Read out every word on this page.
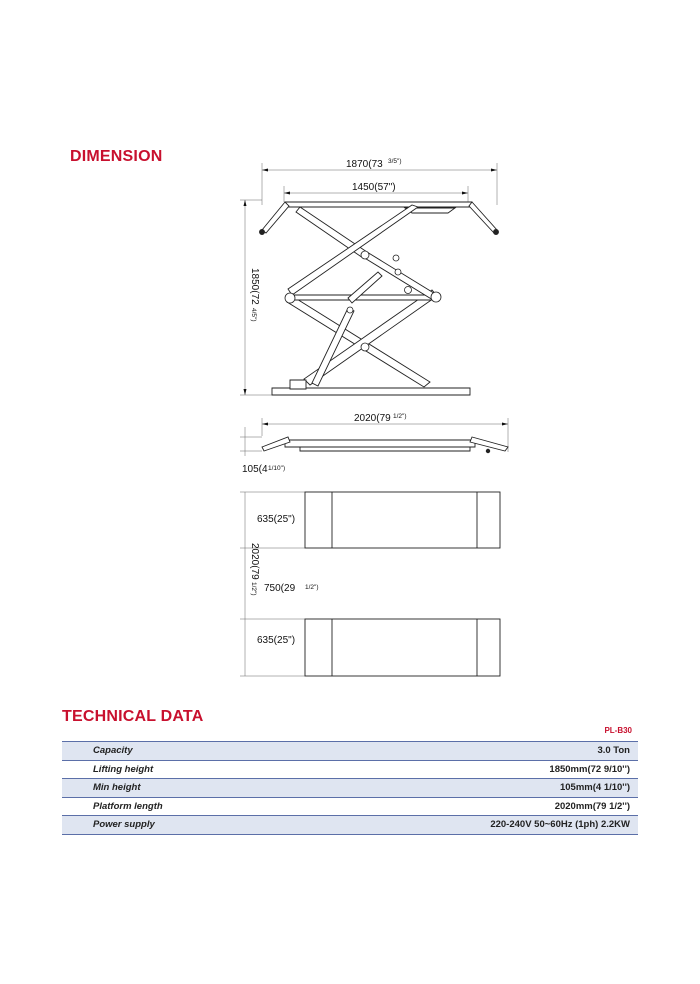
DIMENSION	1870(73 3/5")
1450(57")
1850(72
4/5")
2020(79 1/2")
105(4 1/10")
635(25")
2020(79
1/2") 750(29 1/2")
635(25")
TECHNICAL DATA
PL-B30
Capacity	3.0 Ton
Lifting height	1850mm(72 9/10'')
Min height	105mm(4 1/10'')
Platform length	2020mm(79 1/2'')
Power supply	220-240V 50~60Hz (1ph) 2.2KW
